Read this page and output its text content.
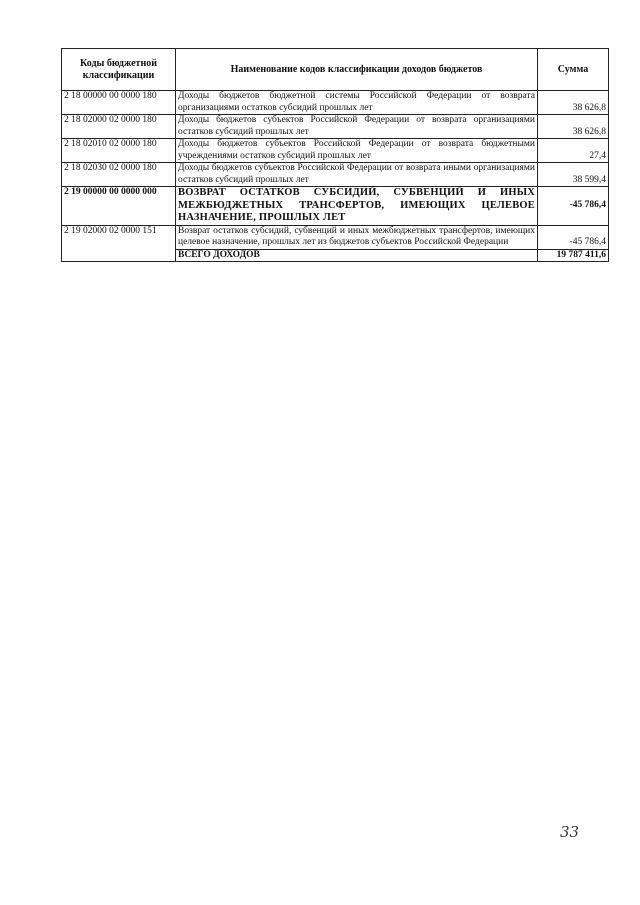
Коды бюджетной классификации	Наименование кодов классификации доходов бюджетов	Сумма
2 18 00000 00 0000 180	Доходы бюджетов бюджетной системы Российской Федерации от возврата организациями остатков субсидий прошлых лет	38 626,8
2 18 02000 02 0000 180	Доходы бюджетов субъектов Российской Федерации от возврата организациями остатков субсидий прошлых лет	38 626,8
2 18 02010 02 0000 180	Доходы бюджетов субъектов Российской Федерации от возврата бюджетными учреждениями остатков субсидий прошлых лет	27,4
2 18 02030 02 0000 180	Доходы бюджетов субъектов Российской Федерации от возврата иными организациями остатков субсидий прошлых лет	38 599,4
2 19 00000 00 0000 000	ВОЗВРАТ ОСТАТКОВ СУБСИДИЙ, СУБВЕНЦИЙ И ИНЫХ МЕЖБЮДЖЕТНЫХ ТРАНСФЕРТОВ, ИМЕЮЩИХ ЦЕЛЕВОЕ НАЗНАЧЕНИЕ, ПРОШЛЫХ ЛЕТ	-45 786,4
2 19 02000 02 0000 151	Возврат остатков субсидий, субвенций и иных межбюджетных трансфертов, имеющих целевое назначение, прошлых лет из бюджетов субъектов Российской Федерации	-45 786,4
	ВСЕГО ДОХОДОВ	19 787 411,6
33
